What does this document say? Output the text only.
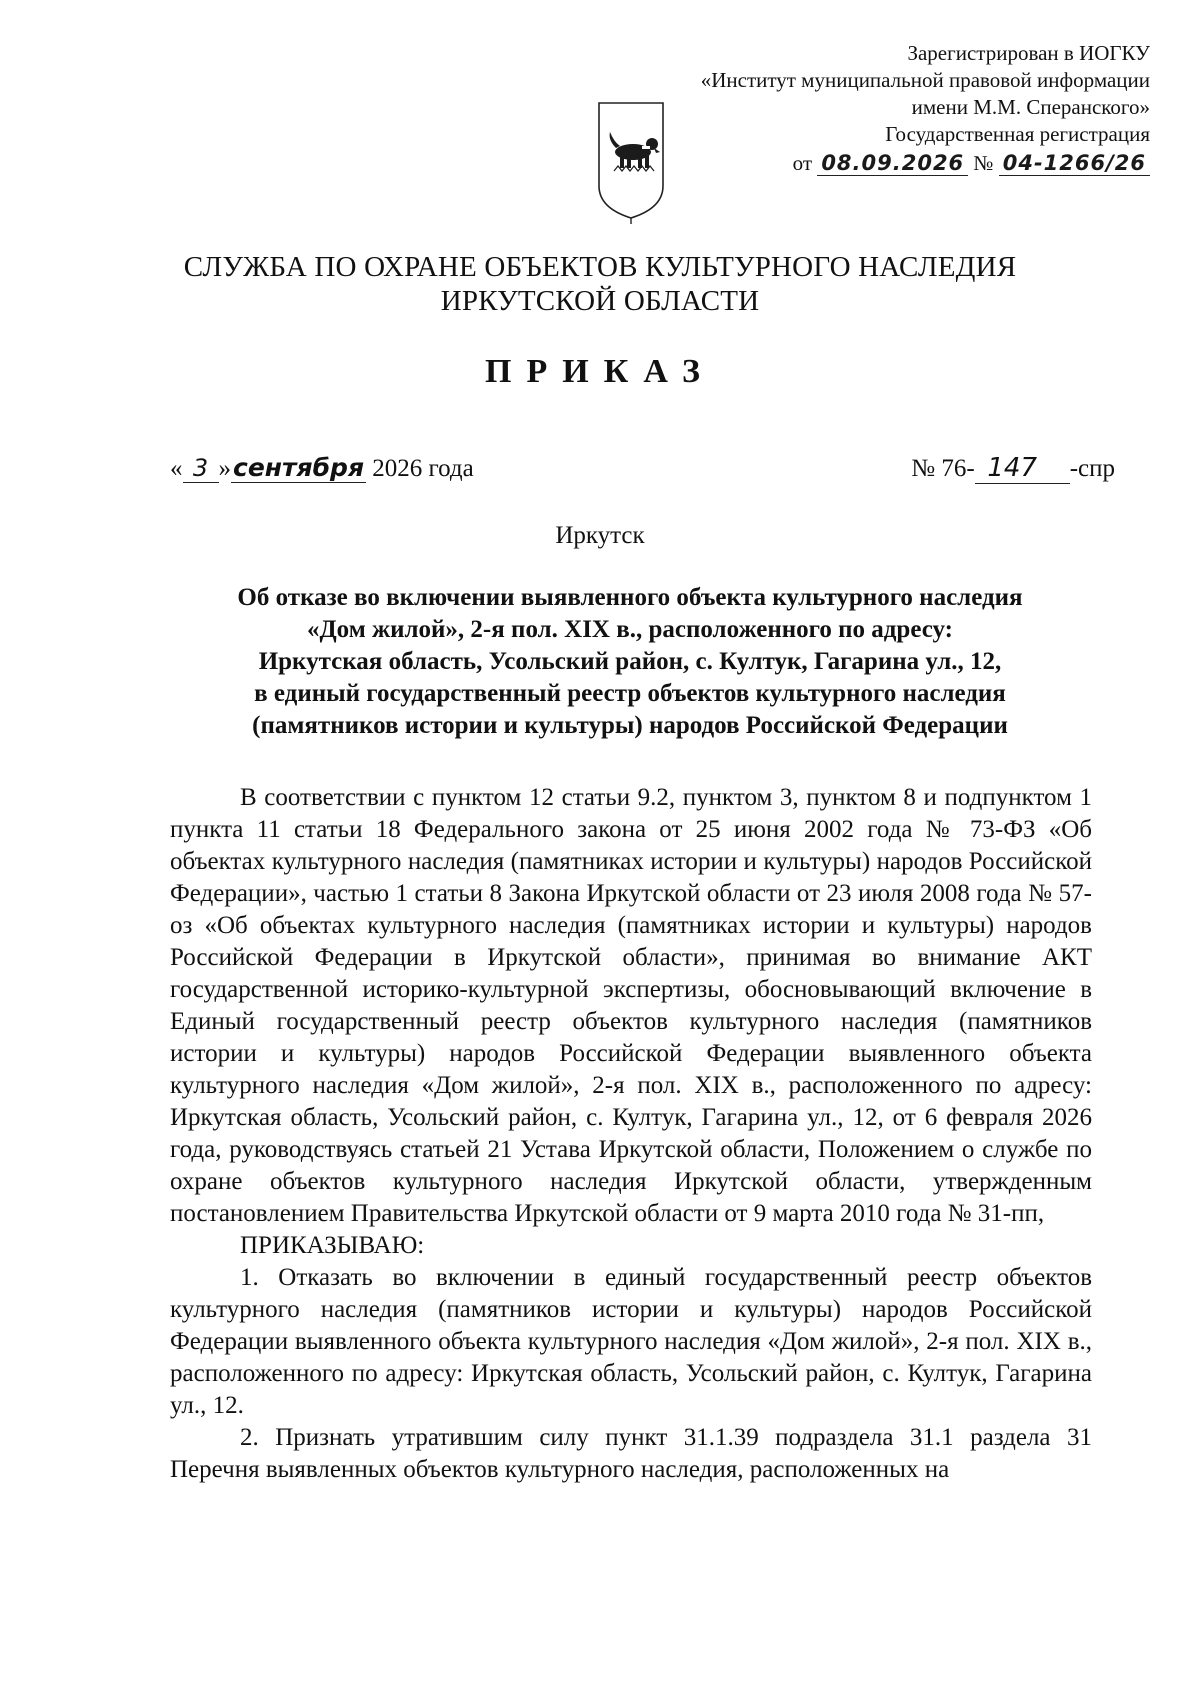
Зарегистрирован в ИОГКУ
«Институт муниципальной правовой информации
имени М.М. Сперанского»
Государственная регистрация
от 08.09.2026 № 04-1266/26
СЛУЖБА ПО ОХРАНЕ ОБЪЕКТОВ КУЛЬТУРНОГО НАСЛЕДИЯ
ИРКУТСКОЙ ОБЛАСТИ
ПРИКАЗ
« 3 »сентября 2026 года	№ 76- 147 -спр
Иркутск
Об отказе во включении выявленного объекта культурного наследия
«Дом жилой», 2-я пол. XIX в., расположенного по адресу:
Иркутская область, Усольский район, с. Култук, Гагарина ул., 12,
в единый государственный реестр объектов культурного наследия
(памятников истории и культуры) народов Российской Федерации

В соответствии с пунктом 12 статьи 9.2, пунктом 3, пунктом 8 и подпунктом 1 пункта 11 статьи 18 Федерального закона от 25 июня 2002 года № 73-ФЗ «Об объектах культурного наследия (памятниках истории и культуры) народов Российской Федерации», частью 1 статьи 8 Закона Иркутской области от 23 июля 2008 года № 57-оз «Об объектах культурного наследия (памятниках истории и культуры) народов Российской Федерации в Иркутской области», принимая во внимание АКТ государственной историко-культурной экспертизы, обосновывающий включение в Единый государственный реестр объектов культурного наследия (памятников истории и культуры) народов Российской Федерации выявленного объекта культурного наследия «Дом жилой», 2-я пол. XIX в., расположенного по адресу: Иркутская область, Усольский район, с. Култук, Гагарина ул., 12, от 6 февраля 2026 года, руководствуясь статьей 21 Устава Иркутской области, Положением о службе по охране объектов культурного наследия Иркутской области, утвержденным постановлением Правительства Иркутской области от 9 марта 2010 года № 31-пп,

ПРИКАЗЫВАЮ:

1. Отказать во включении в единый государственный реестр объектов культурного наследия (памятников истории и культуры) народов Российской Федерации выявленного объекта культурного наследия «Дом жилой», 2-я пол. XIX в., расположенного по адресу: Иркутская область, Усольский район, с. Култук, Гагарина ул., 12.

2. Признать утратившим силу пункт 31.1.39 подраздела 31.1 раздела 31 Перечня выявленных объектов культурного наследия, расположенных на
